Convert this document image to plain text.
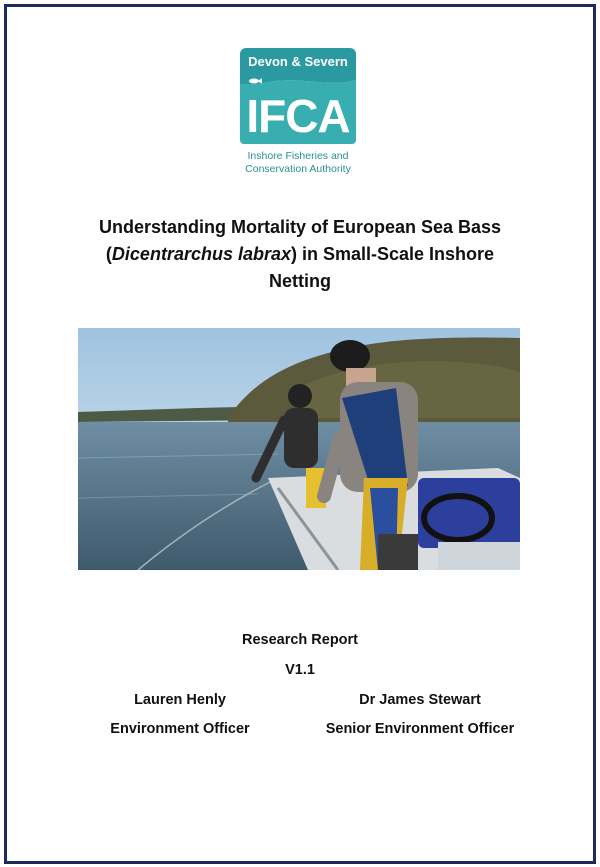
Devon & Severn
IFCA
Inshore Fisheries and
Conservation Authority
Understanding Mortality of European Sea Bass
(Dicentrarchus labrax) in Small-Scale Inshore
Netting
Research Report
V1.1
Lauren Henly
Environment Officer
Dr James Stewart
Senior Environment Officer
